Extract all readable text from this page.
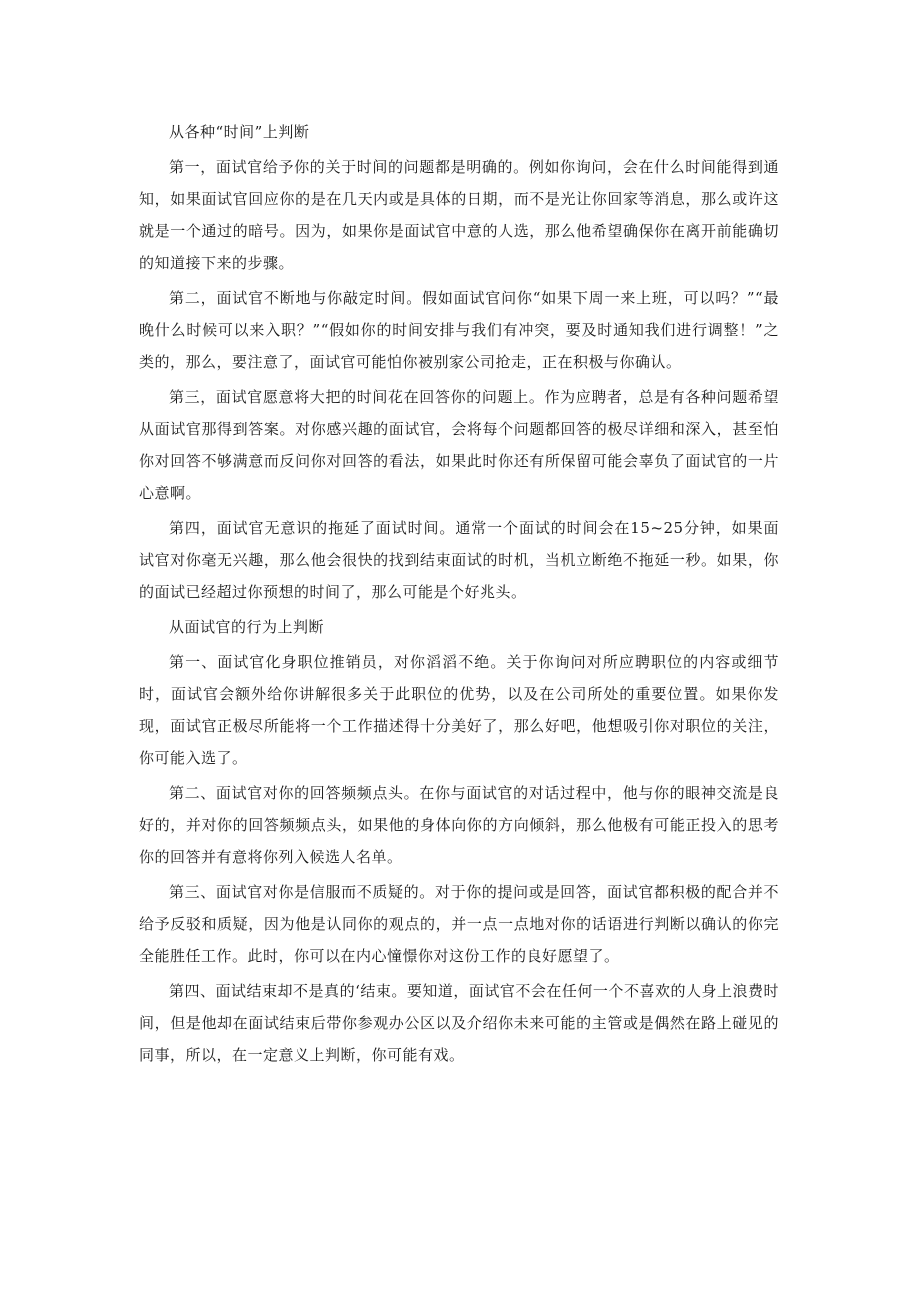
从各种“时间”上判断

第一，面试官给予你的关于时间的问题都是明确的。例如你询问，会在什么时间能得到通知，如果面试官回应你的是在几天内或是具体的日期，而不是光让你回家等消息，那么或许这就是一个通过的暗号。因为，如果你是面试官中意的人选，那么他希望确保你在离开前能确切的知道接下来的步骤。

第二，面试官不断地与你敲定时间。假如面试官问你“如果下周一来上班，可以吗？”“最晚什么时候可以来入职？”“假如你的时间安排与我们有冲突，要及时通知我们进行调整！”之类的，那么，要注意了，面试官可能怕你被别家公司抢走，正在积极与你确认。

第三，面试官愿意将大把的时间花在回答你的问题上。作为应聘者，总是有各种问题希望从面试官那得到答案。对你感兴趣的面试官，会将每个问题都回答的极尽详细和深入，甚至怕你对回答不够满意而反问你对回答的看法，如果此时你还有所保留可能会辜负了面试官的一片心意啊。

第四，面试官无意识的拖延了面试时间。通常一个面试的时间会在15~25分钟，如果面试官对你毫无兴趣，那么他会很快的找到结束面试的时机，当机立断绝不拖延一秒。如果，你的面试已经超过你预想的时间了，那么可能是个好兆头。

从面试官的行为上判断

第一、面试官化身职位推销员，对你滔滔不绝。关于你询问对所应聘职位的内容或细节时，面试官会额外给你讲解很多关于此职位的优势，以及在公司所处的重要位置。如果你发现，面试官正极尽所能将一个工作描述得十分美好了，那么好吧，他想吸引你对职位的关注，你可能入选了。

第二、面试官对你的回答频频点头。在你与面试官的对话过程中，他与你的眼神交流是良好的，并对你的回答频频点头，如果他的身体向你的方向倾斜，那么他极有可能正投入的思考你的回答并有意将你列入候选人名单。

第三、面试官对你是信服而不质疑的。对于你的提问或是回答，面试官都积极的配合并不给予反驳和质疑，因为他是认同你的观点的，并一点一点地对你的话语进行判断以确认的你完全能胜任工作。此时，你可以在内心憧憬你对这份工作的良好愿望了。

第四、面试结束却不是真的‘结束。要知道，面试官不会在任何一个不喜欢的人身上浪费时间，但是他却在面试结束后带你参观办公区以及介绍你未来可能的主管或是偶然在路上碰见的同事，所以，在一定意义上判断，你可能有戏。
